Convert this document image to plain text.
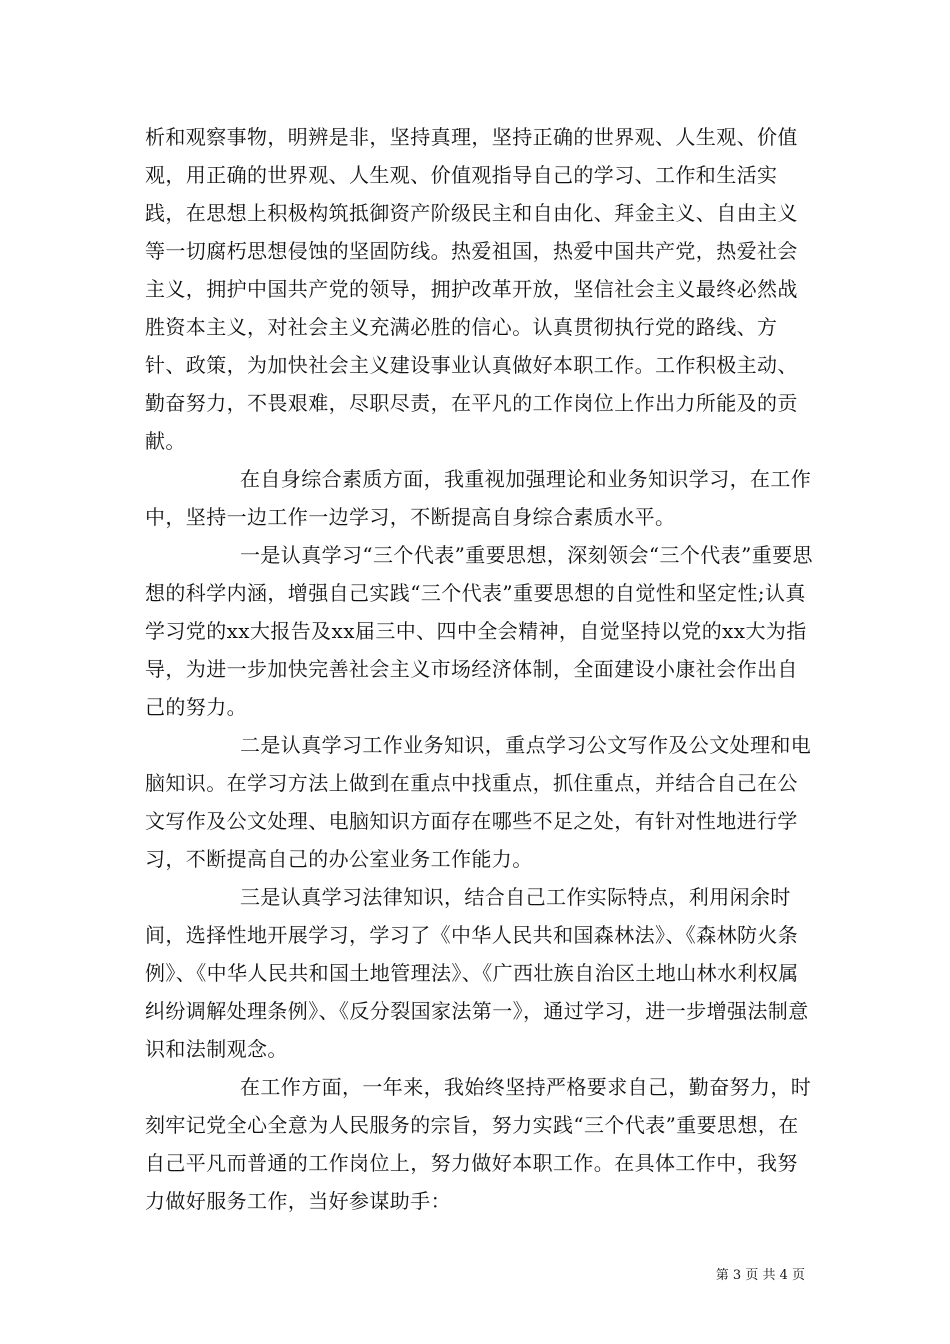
析和观察事物，明辨是非，坚持真理，坚持正确的世界观、人生观、价值观，用正确的世界观、人生观、价值观指导自己的学习、工作和生活实践，在思想上积极构筑抵御资产阶级民主和自由化、拜金主义、自由主义等一切腐朽思想侵蚀的坚固防线。热爱祖国，热爱中国共产党，热爱社会主义，拥护中国共产党的领导，拥护改革开放，坚信社会主义最终必然战胜资本主义，对社会主义充满必胜的信心。认真贯彻执行党的路线、方针、政策，为加快社会主义建设事业认真做好本职工作。工作积极主动、勤奋努力，不畏艰难，尽职尽责，在平凡的工作岗位上作出力所能及的贡献。

在自身综合素质方面，我重视加强理论和业务知识学习，在工作中，坚持一边工作一边学习，不断提高自身综合素质水平。

一是认真学习“三个代表”重要思想，深刻领会“三个代表”重要思想的科学内涵，增强自己实践“三个代表”重要思想的自觉性和坚定性;认真学习党的xx大报告及xx届三中、四中全会精神，自觉坚持以党的xx大为指导，为进一步加快完善社会主义市场经济体制，全面建设小康社会作出自己的努力。

二是认真学习工作业务知识，重点学习公文写作及公文处理和电脑知识。在学习方法上做到在重点中找重点，抓住重点，并结合自己在公文写作及公文处理、电脑知识方面存在哪些不足之处，有针对性地进行学习，不断提高自己的办公室业务工作能力。

三是认真学习法律知识，结合自己工作实际特点，利用闲余时间，选择性地开展学习，学习了《中华人民共和国森林法》、《森林防火条例》、《中华人民共和国土地管理法》、《广西壮族自治区土地山林水利权属纠纷调解处理条例》、《反分裂国家法第一》，通过学习，进一步增强法制意识和法制观念。

在工作方面，一年来，我始终坚持严格要求自己，勤奋努力，时刻牢记党全心全意为人民服务的宗旨，努力实践“三个代表”重要思想，在自己平凡而普通的工作岗位上，努力做好本职工作。在具体工作中，我努力做好服务工作，当好参谋助手：

第 3 页 共 4 页
